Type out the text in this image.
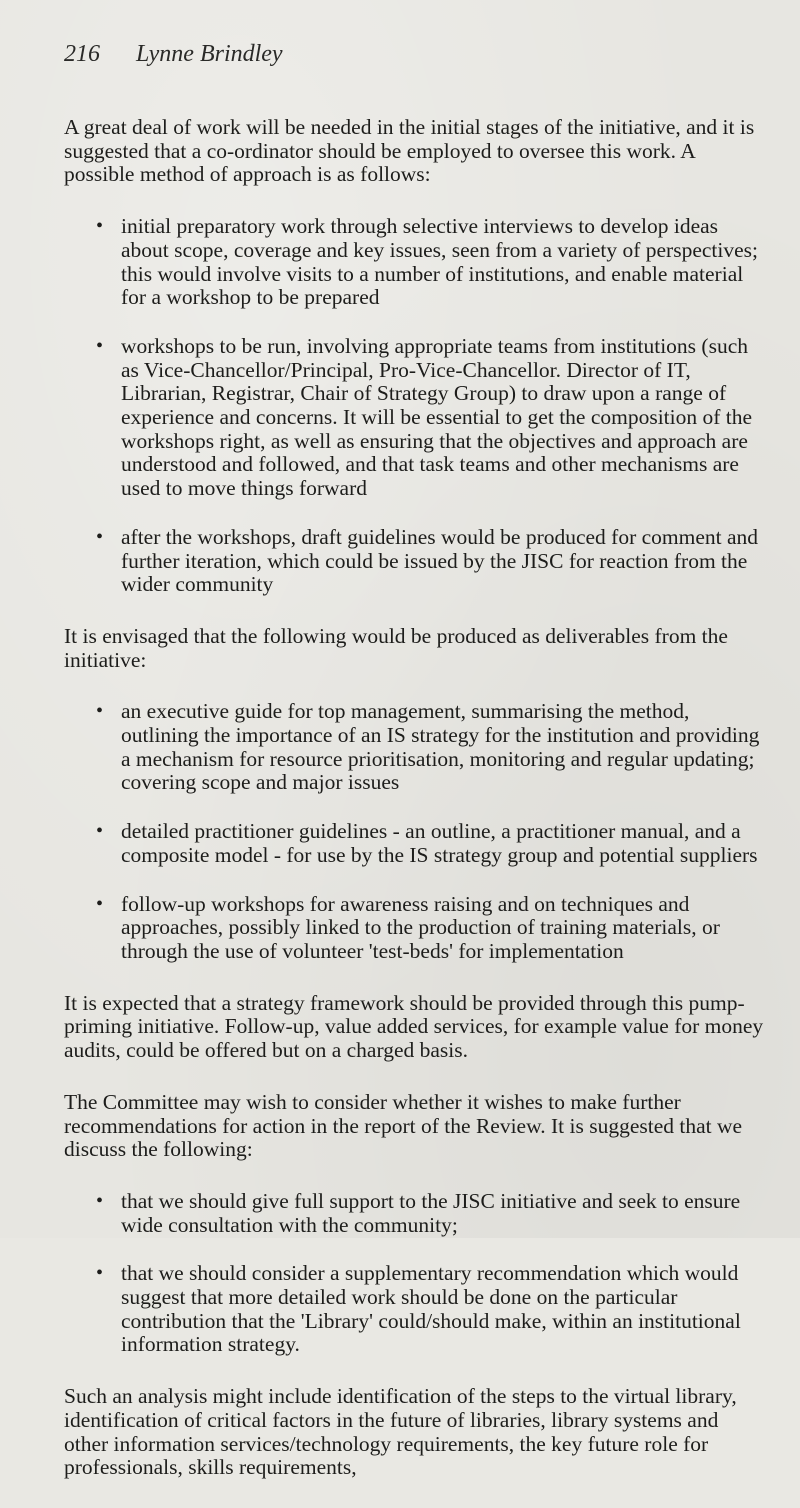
216 Lynne Brindley

A great deal of work will be needed in the initial stages of the initiative, and it is suggested that a co-ordinator should be employed to oversee this work. A possible method of approach is as follows:

• initial preparatory work through selective interviews to develop ideas about scope, coverage and key issues, seen from a variety of perspectives; this would involve visits to a number of institutions, and enable material for a workshop to be prepared
• workshops to be run, involving appropriate teams from institutions (such as Vice-Chancellor/Principal, Pro-Vice-Chancellor. Director of IT, Librarian, Registrar, Chair of Strategy Group) to draw upon a range of experience and concerns. It will be essential to get the composition of the workshops right, as well as ensuring that the objectives and approach are understood and followed, and that task teams and other mechanisms are used to move things forward
• after the workshops, draft guidelines would be produced for comment and further iteration, which could be issued by the JISC for reaction from the wider community

It is envisaged that the following would be produced as deliverables from the initiative:

• an executive guide for top management, summarising the method, outlining the importance of an IS strategy for the institution and providing a mechanism for resource prioritisation, monitoring and regular updating; covering scope and major issues
• detailed practitioner guidelines - an outline, a practitioner manual, and a composite model - for use by the IS strategy group and potential suppliers
• follow-up workshops for awareness raising and on techniques and approaches, possibly linked to the production of training materials, or through the use of volunteer 'test-beds' for implementation

It is expected that a strategy framework should be provided through this pump-priming initiative. Follow-up, value added services, for example value for money audits, could be offered but on a charged basis.

The Committee may wish to consider whether it wishes to make further recommendations for action in the report of the Review. It is suggested that we discuss the following:

• that we should give full support to the JISC initiative and seek to ensure wide consultation with the community;
• that we should consider a supplementary recommendation which would suggest that more detailed work should be done on the particular contribution that the 'Library' could/should make, within an institutional information strategy.

Such an analysis might include identification of the steps to the virtual library, identification of critical factors in the future of libraries, library systems and other information services/technology requirements, the key future role for professionals, skills requirements,
